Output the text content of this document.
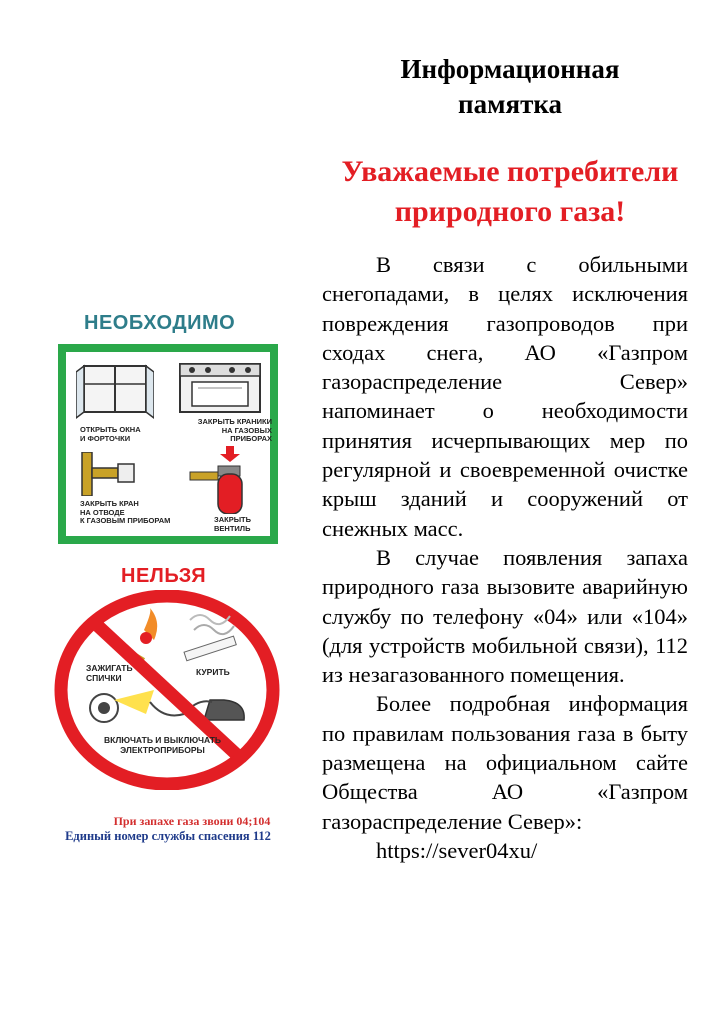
Информационная
памятка
Уважаемые потребители
природного газа!

В связи с обильными снегопадами, в целях исключения повреждения газопроводов при сходах снега, АО «Газпром газораспределение Север» напоминает о необходимости принятия исчерпывающих мер по регулярной и своевременной очистке крыш зданий и сооружений от снежных масс.

В случае появления запаха природного газа вызовите аварийную службу по телефону «04» или «104» (для устройств мобильной связи), 112 из незагазованного помещения.

Более подробная информация по правилам пользования газа в быту размещена на официальном сайте Общества АО «Газпром газораспределение Север»:

https://sever04xu/

НЕОБХОДИМО
ОТКРЫТЬ ОКНА
И ФОРТОЧКИ
ЗАКРЫТЬ КРАНИКИ
НА ГАЗОВЫХ
ПРИБОРАХ
ЗАКРЫТЬ КРАН
НА ОТВОДЕ
К ГАЗОВЫМ ПРИБОРАМ	ЗАКРЫТЬ
ВЕНТИЛЬ
НЕЛЬЗЯ
ЗАЖИГАТЬ
СПИЧКИ
КУРИТЬ
ВКЛЮЧАТЬ И ВЫКЛЮЧАТЬ
ЭЛЕКТРОПРИБОРЫ
При запахе газа звони 04;104
Единый номер службы спасения 112
